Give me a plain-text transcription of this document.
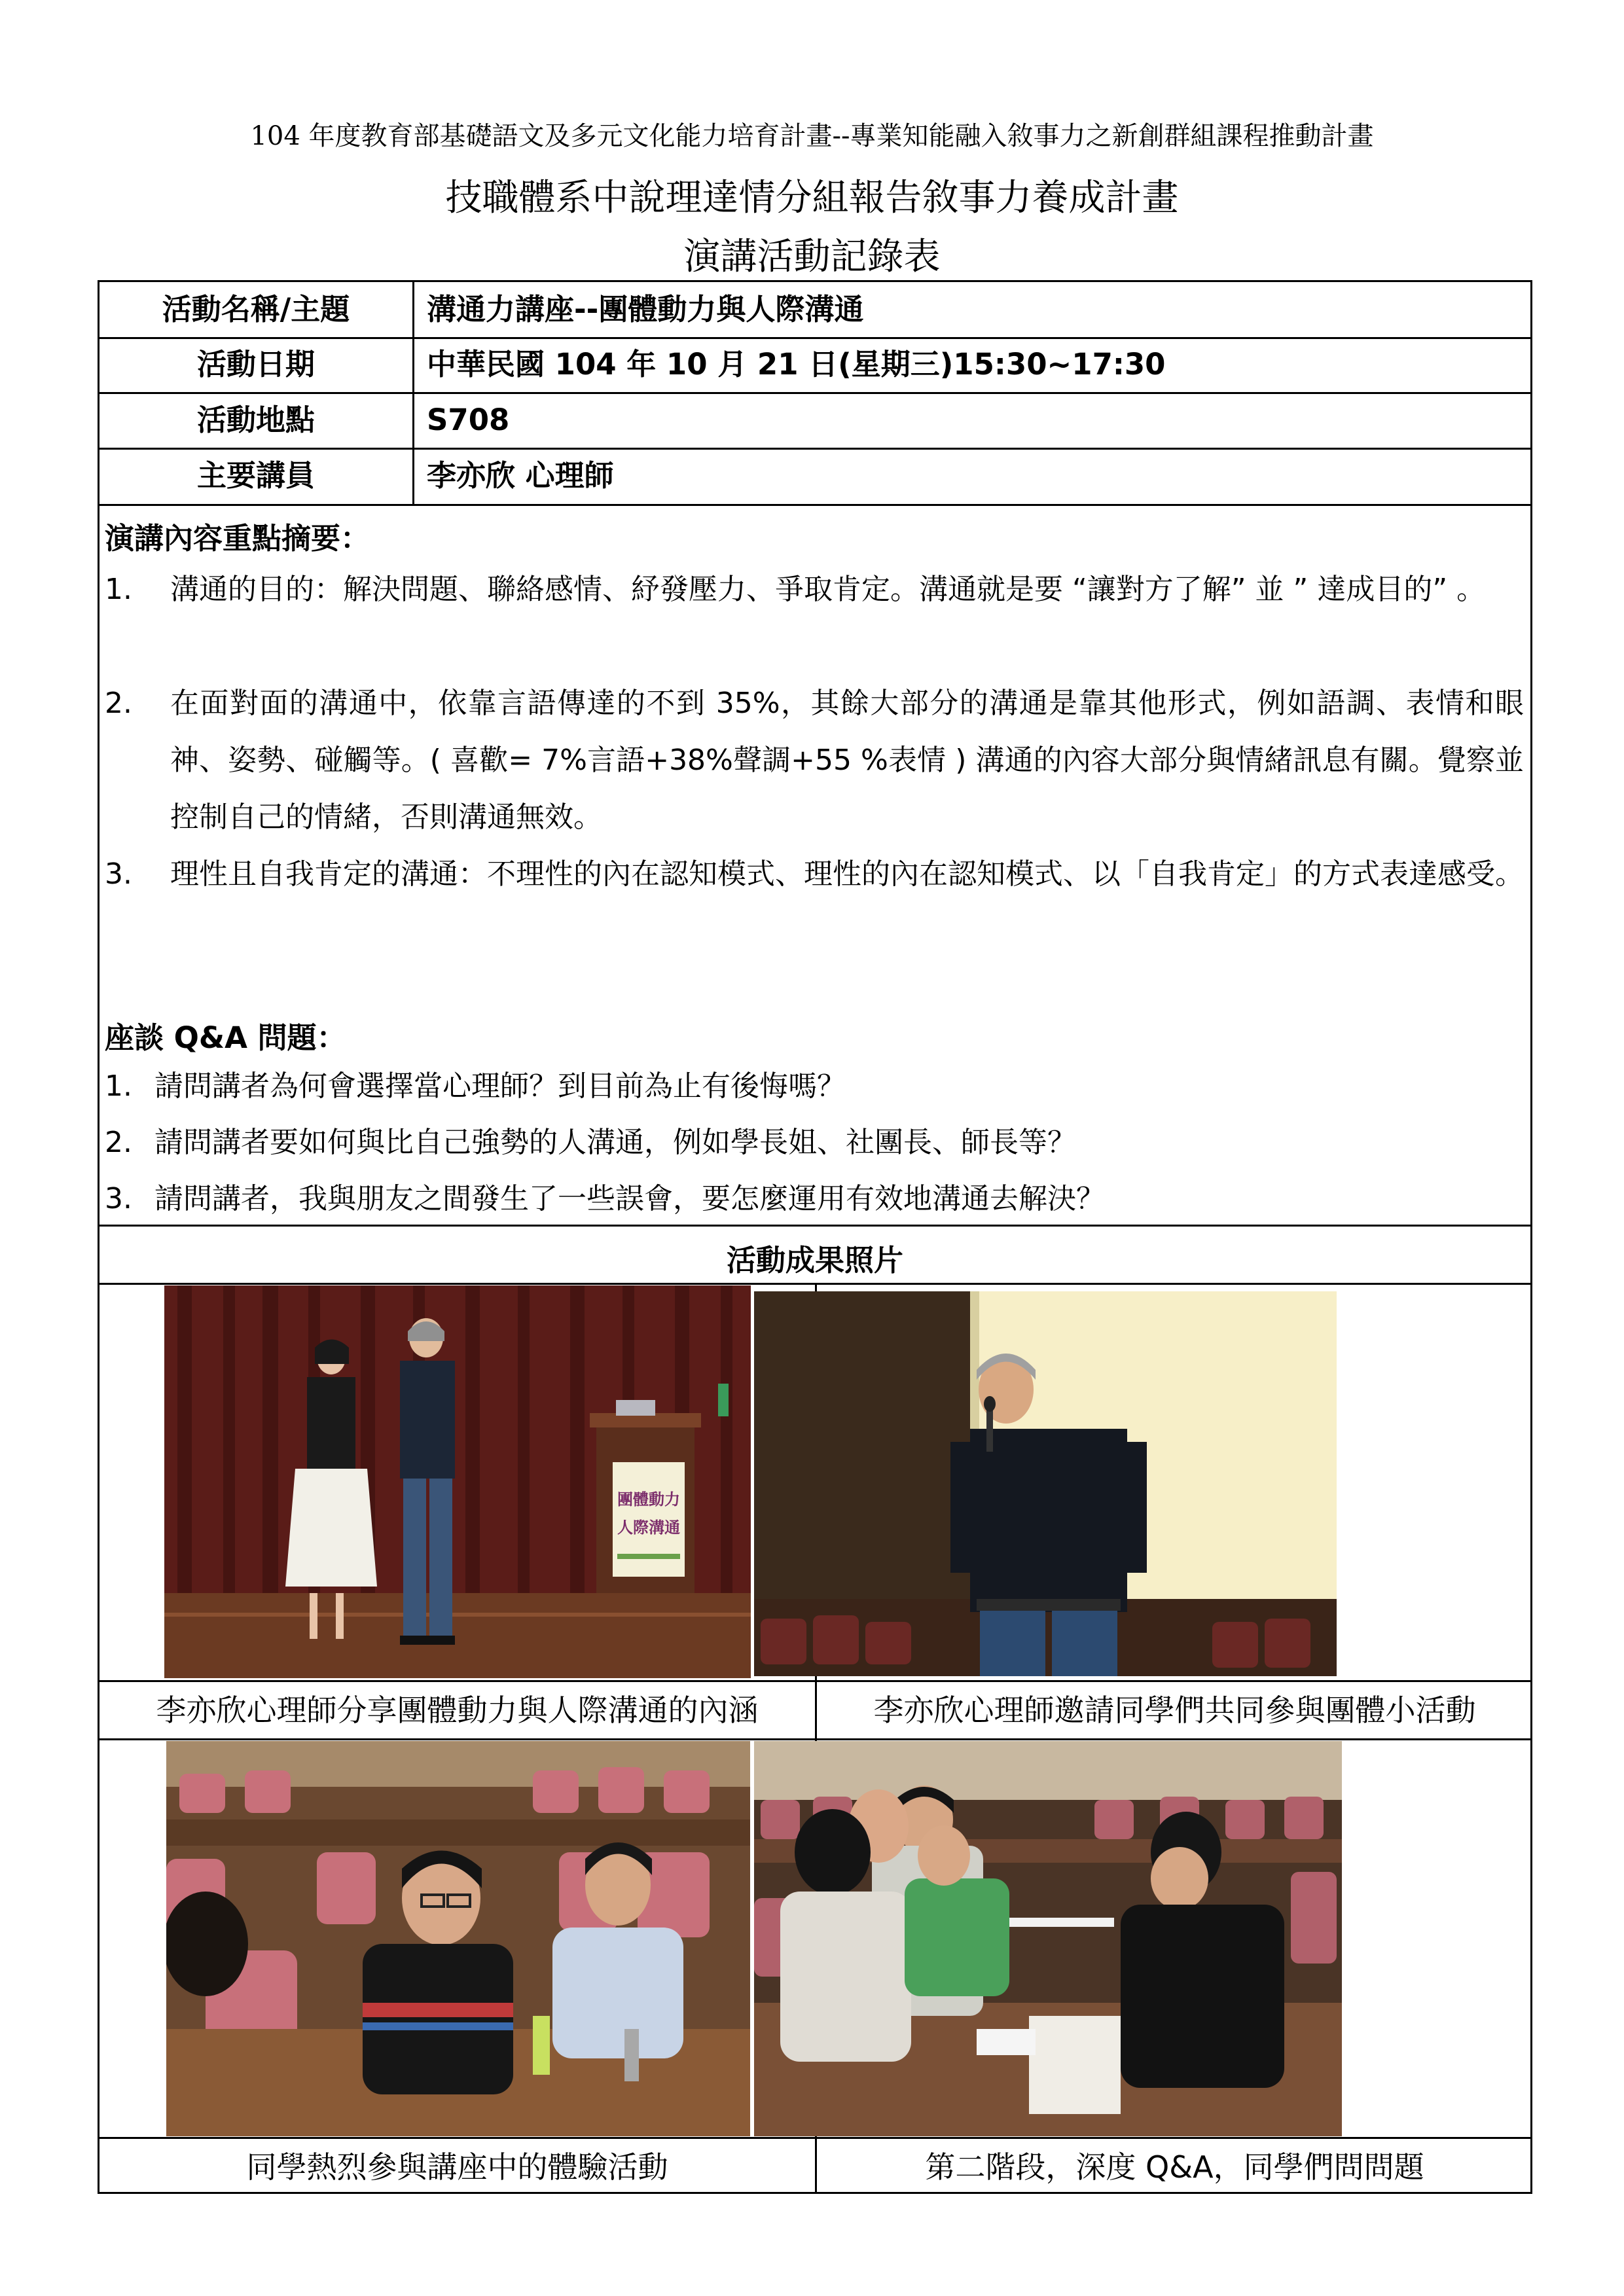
104 年度教育部基礎語文及多元文化能力培育計畫--專業知能融入敘事力之新創群組課程推動計畫
技職體系中說理達情分組報告敘事力養成計畫
演講活動記錄表
活動名稱/主題	溝通力講座--團體動力與人際溝通
活動日期	中華民國 104 年 10 月 21 日(星期三)15:30~17:30
活動地點	S708
主要講員	李亦欣 心理師
演講內容重點摘要：
1. 溝通的目的：解決問題、聯絡感情、紓發壓力、爭取肯定。溝通就是要 “讓對方了解” 並 ” 達成目的” 。
2. 在面對面的溝通中，依靠言語傳達的不到 35%，其餘大部分的溝通是靠其他形式，例如語調、表情和眼神、姿勢、碰觸等。( 喜歡= 7%言語+38%聲調+55 %表情 ) 溝通的內容大部分與情緒訊息有關。覺察並控制自己的情緒，否則溝通無效。
3. 理性且自我肯定的溝通：不理性的內在認知模式、理性的內在認知模式、以「自我肯定」的方式表達感受。
座談 Q&A 問題：
1. 請問講者為何會選擇當心理師？到目前為止有後悔嗎？
2. 請問講者要如何與比自己強勢的人溝通，例如學長姐、社團長、師長等？
3. 請問講者，我與朋友之間發生了一些誤會，要怎麼運用有效地溝通去解決？
活動成果照片
團體動力
人際溝通
李亦欣心理師分享團體動力與人際溝通的內涵	李亦欣心理師邀請同學們共同參與團體小活動
同學熱烈參與講座中的體驗活動	第二階段，深度 Q&A，同學們問問題
